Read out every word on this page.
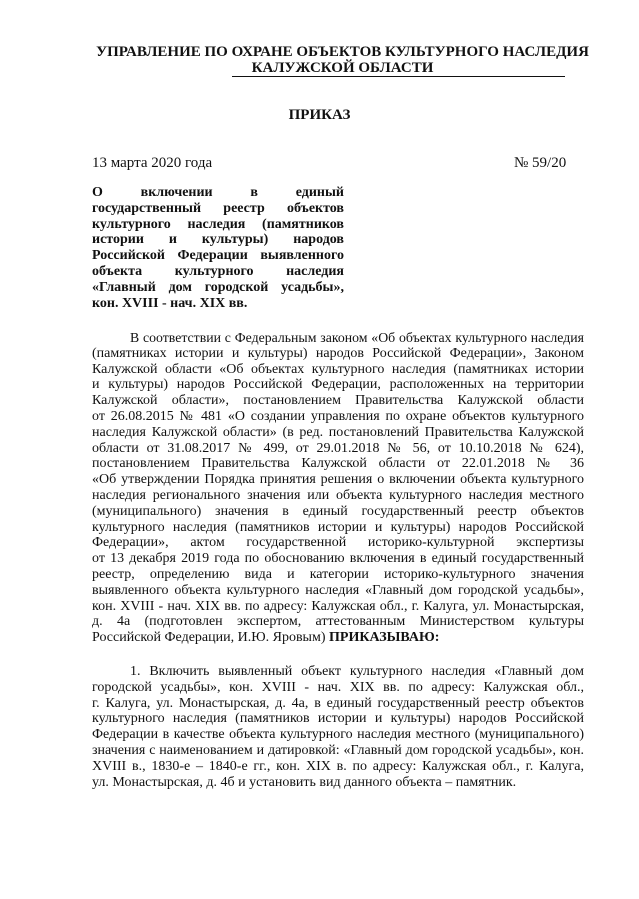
УПРАВЛЕНИЕ ПО ОХРАНЕ ОБЪЕКТОВ КУЛЬТУРНОГО НАСЛЕДИЯ
КАЛУЖСКОЙ ОБЛАСТИ
ПРИКАЗ
13 марта 2020 года	№ 59/20
О включении в единый
государственный реестр объектов
культурного наследия (памятников
истории и культуры) народов
Российской Федерации выявленного
объекта культурного наследия
«Главный дом городской усадьбы»,
кон. XVIII - нач. XIX вв.
В соответствии с Федеральным законом «Об объектах культурного наследия
(памятниках истории и культуры) народов Российской Федерации», Законом
Калужской области «Об объектах культурного наследия (памятниках истории
и культуры) народов Российской Федерации, расположенных на территории
Калужской области», постановлением Правительства Калужской области
от 26.08.2015 № 481 «О создании управления по охране объектов культурного
наследия Калужской области» (в ред. постановлений Правительства Калужской
области от 31.08.2017 № 499, от 29.01.2018 № 56, от 10.10.2018 № 624),
постановлением Правительства Калужской области от 22.01.2018 № 36
«Об утверждении Порядка принятия решения о включении объекта культурного
наследия регионального значения или объекта культурного наследия местного
(муниципального) значения в единый государственный реестр объектов
культурного наследия (памятников истории и культуры) народов Российской
Федерации», актом государственной историко-культурной экспертизы
от 13 декабря 2019 года по обоснованию включения в единый государственный
реестр, определению вида и категории историко-культурного значения
выявленного объекта культурного наследия «Главный дом городской усадьбы»,
кон. XVIII - нач. XIX вв. по адресу: Калужская обл., г. Калуга, ул. Монастырская,
д. 4а (подготовлен экспертом, аттестованным Министерством культуры
Российской Федерации, И.Ю. Яровым) ПРИКАЗЫВАЮ:
1. Включить выявленный объект культурного наследия «Главный дом
городской усадьбы», кон. XVIII - нач. XIX вв. по адресу: Калужская обл.,
г. Калуга, ул. Монастырская, д. 4а, в единый государственный реестр объектов
культурного наследия (памятников истории и культуры) народов Российской
Федерации в качестве объекта культурного наследия местного (муниципального)
значения с наименованием и датировкой: «Главный дом городской усадьбы», кон.
XVIII в., 1830-е – 1840-е гг., кон. XIX в. по адресу: Калужская обл., г. Калуга,
ул. Монастырская, д. 4б и установить вид данного объекта – памятник.
